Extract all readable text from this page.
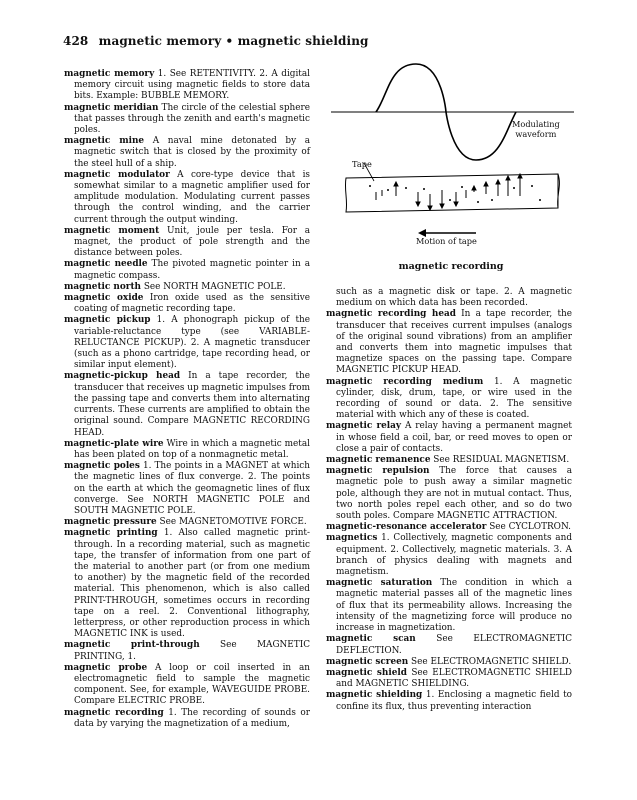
428 magnetic memory • magnetic shielding

magnetic memory 1. See RETENTIVITY. 2. A digital memory circuit using magnetic fields to store data bits. Example: BUBBLE MEMORY.

magnetic meridian The circle of the celestial sphere that passes through the zenith and earth's magnetic poles.

magnetic mine A naval mine detonated by a magnetic switch that is closed by the proximity of the steel hull of a ship.

magnetic modulator A core-type device that is somewhat similar to a magnetic amplifier used for amplitude modulation. Modulating current passes through the control winding, and the carrier current through the output winding.

magnetic moment Unit, joule per tesla. For a magnet, the product of pole strength and the distance between poles.

magnetic needle The pivoted magnetic pointer in a magnetic compass.

magnetic north See NORTH MAGNETIC POLE.

magnetic oxide Iron oxide used as the sensitive coating of magnetic recording tape.

magnetic pickup 1. A phonograph pickup of the variable-reluctance type (see VARIABLE-RELUCTANCE PICKUP). 2. A magnetic transducer (such as a phono cartridge, tape recording head, or similar input element).

magnetic-pickup head In a tape recorder, the transducer that receives up magnetic impulses from the passing tape and converts them into alternating currents. These currents are amplified to obtain the original sound. Compare MAGNETIC RECORDING HEAD.

magnetic-plate wire Wire in which a magnetic metal has been plated on top of a nonmagnetic metal.

magnetic poles 1. The points in a MAGNET at which the magnetic lines of flux converge. 2. The points on the earth at which the geomagnetic lines of flux converge. See NORTH MAGNETIC POLE and SOUTH MAGNETIC POLE.

magnetic pressure See MAGNETOMOTIVE FORCE.

magnetic printing 1. Also called magnetic print-through. In a recording material, such as magnetic tape, the transfer of information from one part of the material to another part (or from one medium to another) by the magnetic field of the recorded material. This phenomenon, which is also called PRINT-THROUGH, sometimes occurs in recording tape on a reel. 2. Conventional lithography, letterpress, or other reproduction process in which MAGNETIC INK is used.

magnetic print-through See MAGNETIC PRINTING, 1.

magnetic probe A loop or coil inserted in an electromagnetic field to sample the magnetic component. See, for example, WAVEGUIDE PROBE. Compare ELECTRIC PROBE.

magnetic recording 1. The recording of sounds or data by varying the magnetization of a medium,

Modulating
waveform
Tape
Motion of tape
magnetic recording

such as a magnetic disk or tape. 2. A magnetic medium on which data has been recorded.

magnetic recording head In a tape recorder, the transducer that receives current impulses (analogs of the original sound vibrations) from an amplifier and converts them into magnetic impulses that magnetize spaces on the passing tape. Compare MAGNETIC PICKUP HEAD.

magnetic recording medium 1. A magnetic cylinder, disk, drum, tape, or wire used in the recording of sound or data. 2. The sensitive material with which any of these is coated.

magnetic relay A relay having a permanent magnet in whose field a coil, bar, or reed moves to open or close a pair of contacts.

magnetic remanence See RESIDUAL MAGNETISM.

magnetic repulsion The force that causes a magnetic pole to push away a similar magnetic pole, although they are not in mutual contact. Thus, two north poles repel each other, and so do two south poles. Compare MAGNETIC ATTRACTION.

magnetic-resonance accelerator See CYCLOTRON.

magnetics 1. Collectively, magnetic components and equipment. 2. Collectively, magnetic materials. 3. A branch of physics dealing with magnets and magnetism.

magnetic saturation The condition in which a magnetic material passes all of the magnetic lines of flux that its permeability allows. Increasing the intensity of the magnetizing force will produce no increase in magnetization.

magnetic scan See ELECTROMAGNETIC DEFLECTION.

magnetic screen See ELECTROMAGNETIC SHIELD.

magnetic shield See ELECTROMAGNETIC SHIELD and MAGNETIC SHIELDING.

magnetic shielding 1. Enclosing a magnetic field to confine its flux, thus preventing interaction
